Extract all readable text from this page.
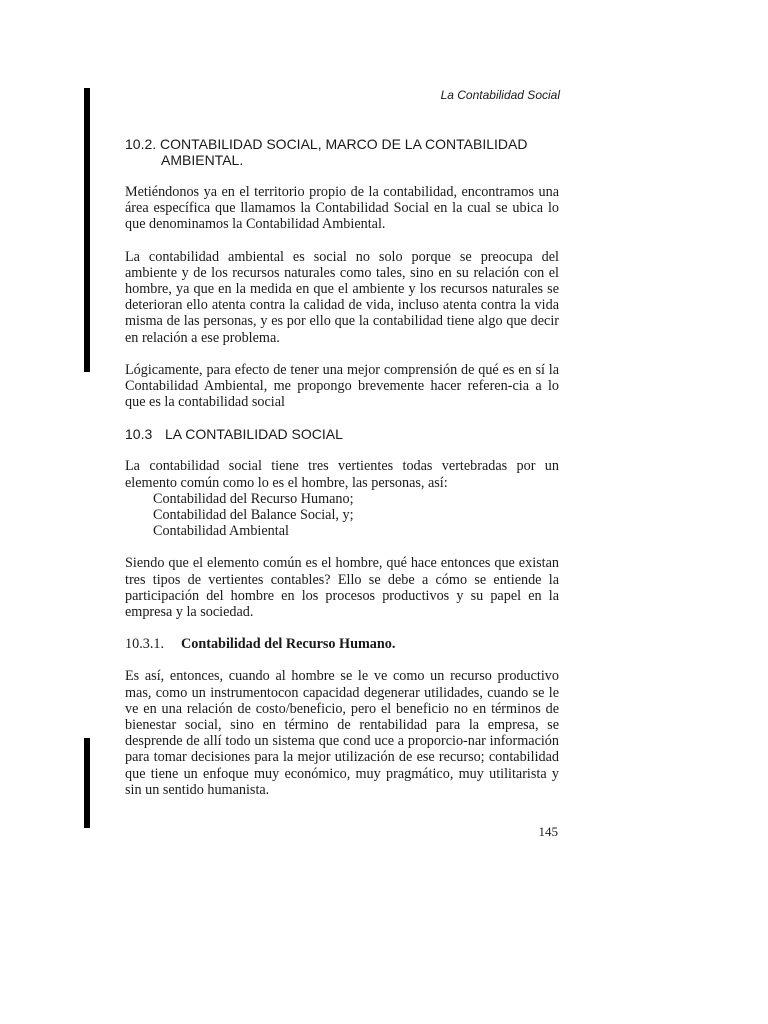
La Contabilidad Social
10.2. CONTABILIDAD SOCIAL, MARCO DE LA CONTABILIDAD
AMBIENTAL.

Metiéndonos ya en el territorio propio de la contabilidad, encontramos una área específica que llamamos la Contabilidad Social en la cual se ubica lo que denominamos la Contabilidad Ambiental.

La contabilidad ambiental es social no solo porque se preocupa del ambiente y de los recursos naturales como tales, sino en su relación con el hombre, ya que en la medida en que el ambiente y los recursos naturales se deterioran ello atenta contra la calidad de vida, incluso atenta contra la vida misma de las personas, y es por ello que la contabilidad tiene algo que decir en relación a ese problema.

Lógicamente, para efecto de tener una mejor comprensión de qué es en sí la Contabilidad Ambiental, me propongo brevemente hacer referen-cia a lo que es la contabilidad social

10.3 LA CONTABILIDAD SOCIAL

La contabilidad social tiene tres vertientes todas vertebradas por un elemento común como lo es el hombre, las personas, así:

Contabilidad del Recurso Humano;
Contabilidad del Balance Social, y;
Contabilidad Ambiental

Siendo que el elemento común es el hombre, qué hace entonces que existan tres tipos de vertientes contables? Ello se debe a cómo se entiende la participación del hombre en los procesos productivos y su papel en la empresa y la sociedad.

10.3.1. Contabilidad del Recurso Humano.

Es así, entonces, cuando al hombre se le ve como un recurso productivo mas, como un instrumentocon capacidad degenerar utilidades, cuando se le ve en una relación de costo/beneficio, pero el beneficio no en términos de bienestar social, sino en término de rentabilidad para la empresa, se desprende de allí todo un sistema que cond uce a proporcio-nar información para tomar decisiones para la mejor utilización de ese recurso; contabilidad que tiene un enfoque muy económico, muy pragmático, muy utilitarista y sin un sentido humanista.

145
